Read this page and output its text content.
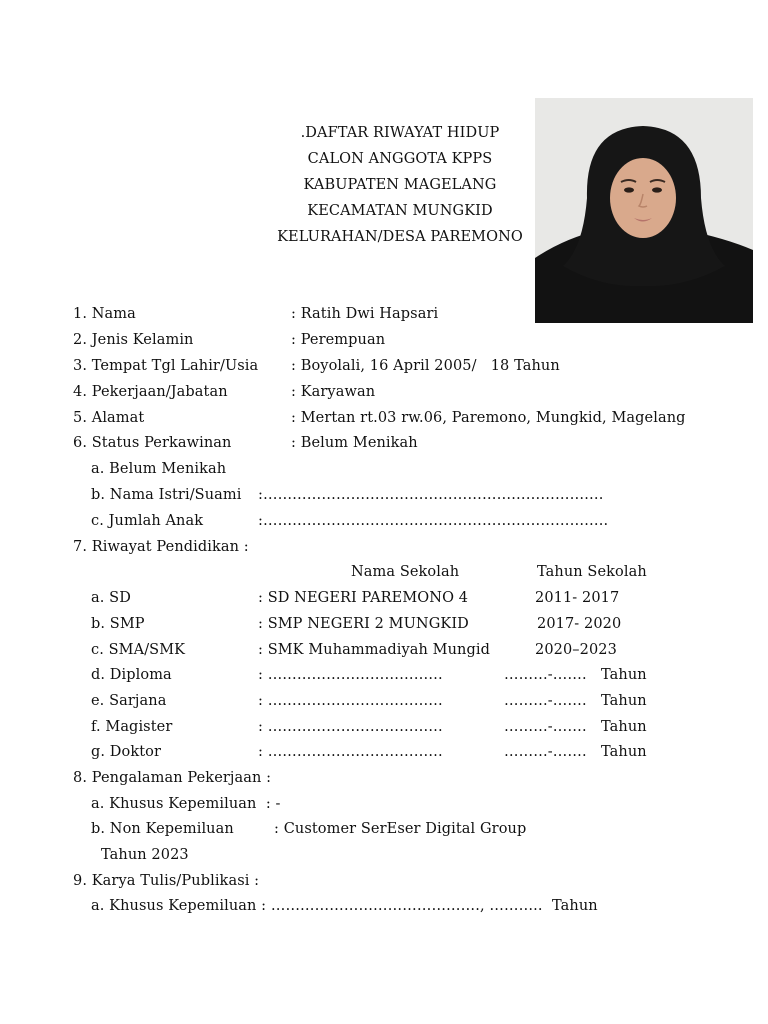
.DAFTAR RIWAYAT HIDUP
CALON ANGGOTA KPPS
KABUPATEN MAGELANG
KECAMATAN MUNGKID
KELURAHAN/DESA PAREMONO
1. Nama	: Ratih Dwi Hapsari
2. Jenis Kelamin	: Perempuan
3. Tempat Tgl Lahir/Usia : Boyolali, 16 April 2005/   18 Tahun
4. Pekerjaan/Jabatan	: Karyawan
5. Alamat	: Mertan rt.03 rw.06, Paremono, Mungkid, Magelang
6. Status Perkawinan	: Belum Menikah
a. Belum Menikah
b. Nama Istri/Suami :…………………………………………………………….
c. Jumlah Anak	:……………………………………………………………..
7. Riwayat Pendidikan :
Nama Sekolah	Tahun Sekolah
a. SD	: SD NEGERI PAREMONO 4	2011- 2017
b. SMP	: SMP NEGERI 2 MUNGKID	2017- 2020
c. SMA/SMK	: SMK Muhammadiyah Mungid	2020–2023
d. Diploma	: ………………………………	………-……. Tahun
e. Sarjana	: ………………………………	………-……. Tahun
f. Magister	: ………………………………	………-……. Tahun
g. Doktor	: ………………………………	………-……. Tahun
8. Pengalaman Pekerjaan :
a. Khusus Kepemiluan  : -
b. Non Kepemiluan	: Customer SerEser Digital Group
Tahun 2023
9. Karya Tulis/Publikasi :
a. Khusus Kepemiluan : ……………………………………., ………..  Tahun
